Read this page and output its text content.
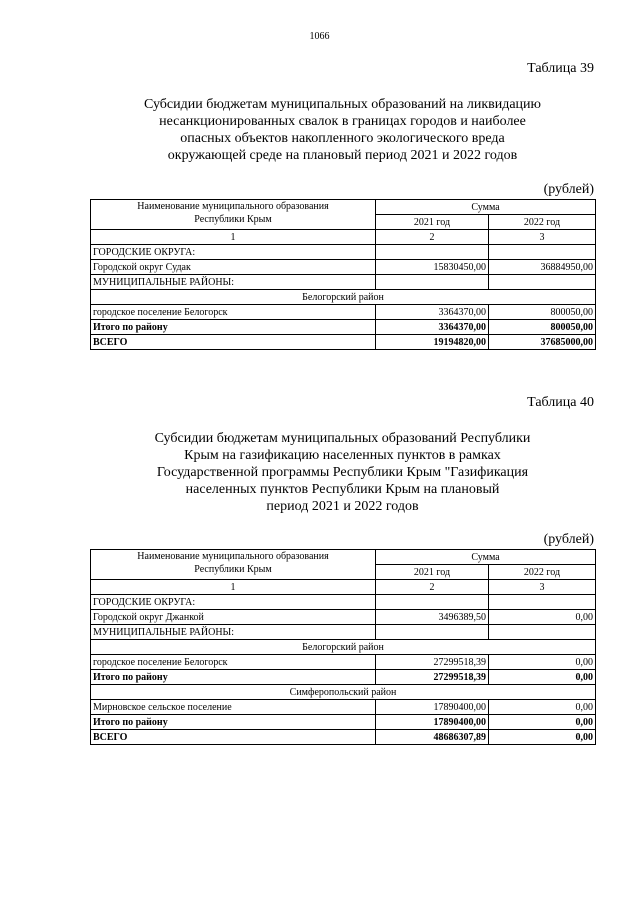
1066
Таблица 39
Субсидии бюджетам муниципальных образований на ликвидацию
несанкционированных свалок в границах городов и наиболее
опасных объектов накопленного экологического вреда
окружающей среде на плановый период 2021 и 2022 годов
(рублей)
Наименование муниципального образования
Республики Крым	Сумма	
	2021 год	2022 год
1	2	3
ГОРОДСКИЕ ОКРУГА:		
Городской округ Судак	15830450,00	36884950,00
МУНИЦИПАЛЬНЫЕ РАЙОНЫ:		
Белогорский район		
городское поселение Белогорск	3364370,00	800050,00
Итого по району	3364370,00	800050,00
ВСЕГО	19194820,00	37685000,00
Таблица 40
Субсидии бюджетам муниципальных образований Республики
Крым на газификацию населенных пунктов в рамках
Государственной программы Республики Крым "Газификация
населенных пунктов Республики Крым на плановый
период 2021 и 2022 годов
(рублей)
Наименование муниципального образования
Республики Крым	Сумма	
	2021 год	2022 год
1	2	3
ГОРОДСКИЕ ОКРУГА:		
Городской округ Джанкой	3496389,50	0,00
МУНИЦИПАЛЬНЫЕ РАЙОНЫ:		
Белогорский район		
городское поселение Белогорск	27299518,39	0,00
Итого по району	27299518,39	0,00
Симферопольский район		
Мирновское сельское поселение	17890400,00	0,00
Итого по району	17890400,00	0,00
ВСЕГО	48686307,89	0,00
